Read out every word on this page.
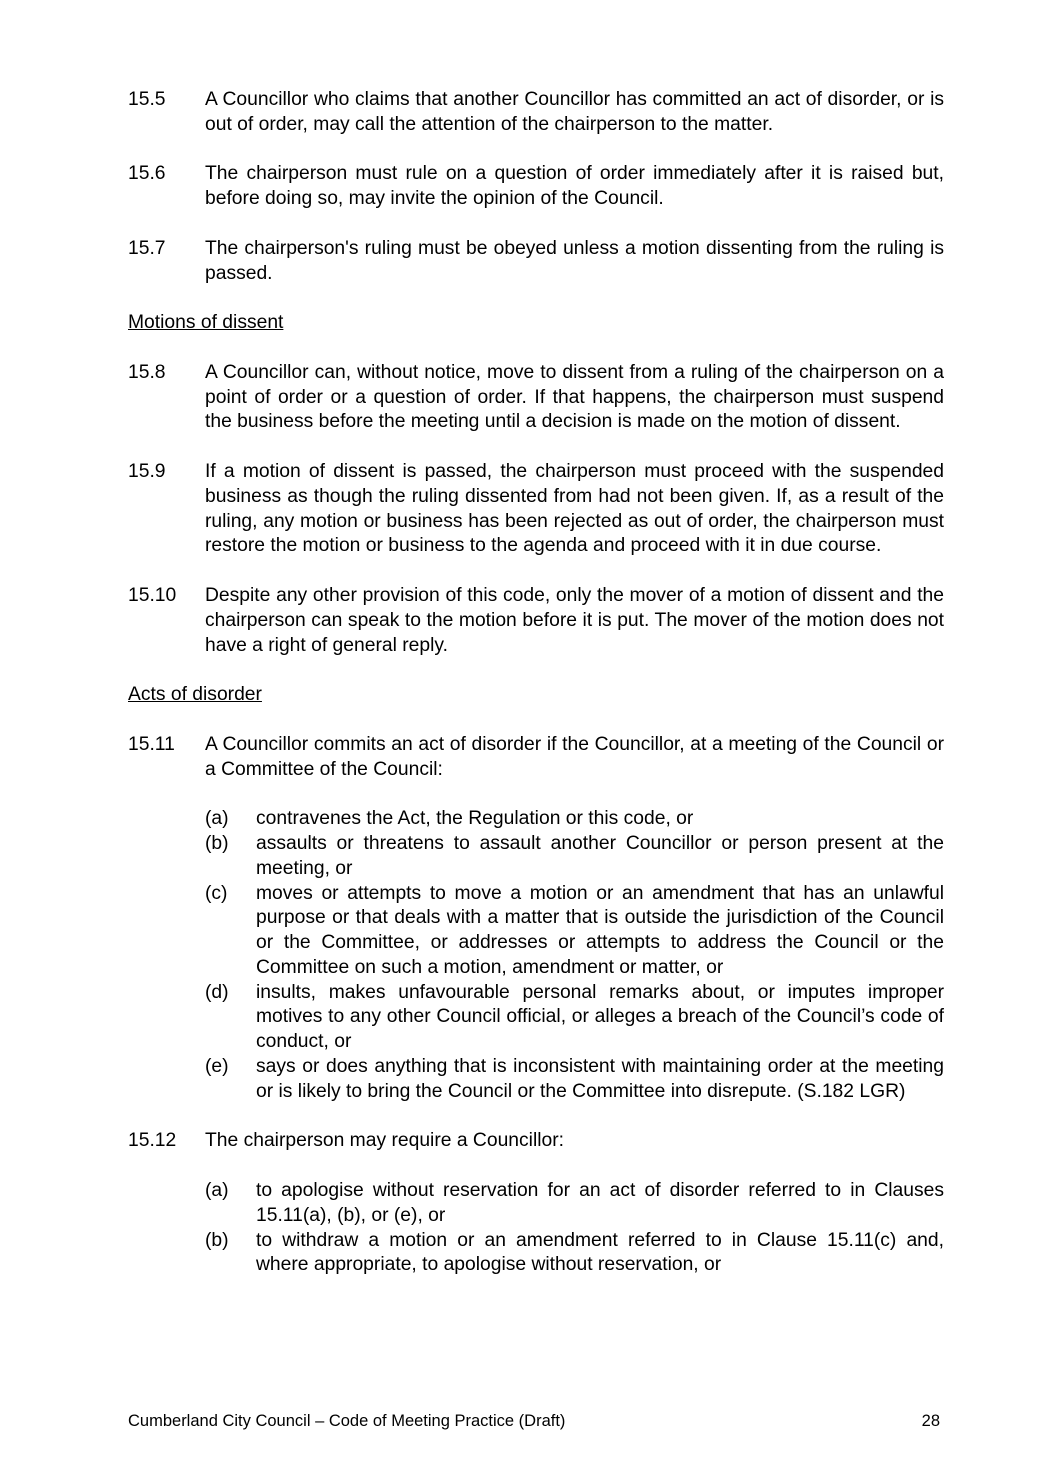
15.5	A Councillor who claims that another Councillor has committed an act of disorder, or is out of order, may call the attention of the chairperson to the matter.
15.6	The chairperson must rule on a question of order immediately after it is raised but, before doing so, may invite the opinion of the Council.
15.7	The chairperson's ruling must be obeyed unless a motion dissenting from the ruling is passed.
Motions of dissent
15.8	A Councillor can, without notice, move to dissent from a ruling of the chairperson on a point of order or a question of order. If that happens, the chairperson must suspend the business before the meeting until a decision is made on the motion of dissent.
15.9	If a motion of dissent is passed, the chairperson must proceed with the suspended business as though the ruling dissented from had not been given. If, as a result of the ruling, any motion or business has been rejected as out of order, the chairperson must restore the motion or business to the agenda and proceed with it in due course.
15.10	Despite any other provision of this code, only the mover of a motion of dissent and the chairperson can speak to the motion before it is put. The mover of the motion does not have a right of general reply.
Acts of disorder
15.11	A Councillor commits an act of disorder if the Councillor, at a meeting of the Council or a Committee of the Council:
(a)	contravenes the Act, the Regulation or this code, or
(b)	assaults or threatens to assault another Councillor or person present at the meeting, or
(c)	moves or attempts to move a motion or an amendment that has an unlawful purpose or that deals with a matter that is outside the jurisdiction of the Council or the Committee, or addresses or attempts to address the Council or the Committee on such a motion, amendment or matter, or
(d)	insults, makes unfavourable personal remarks about, or imputes improper motives to any other Council official, or alleges a breach of the Council’s code of conduct, or
(e)	says or does anything that is inconsistent with maintaining order at the meeting or is likely to bring the Council or the Committee into disrepute. (S.182 LGR)
15.12	The chairperson may require a Councillor:
(a)	to apologise without reservation for an act of disorder referred to in Clauses 15.11(a), (b), or (e), or
(b)	to withdraw a motion or an amendment referred to in Clause 15.11(c) and, where appropriate, to apologise without reservation, or
Cumberland City Council – Code of Meeting Practice (Draft)	28
